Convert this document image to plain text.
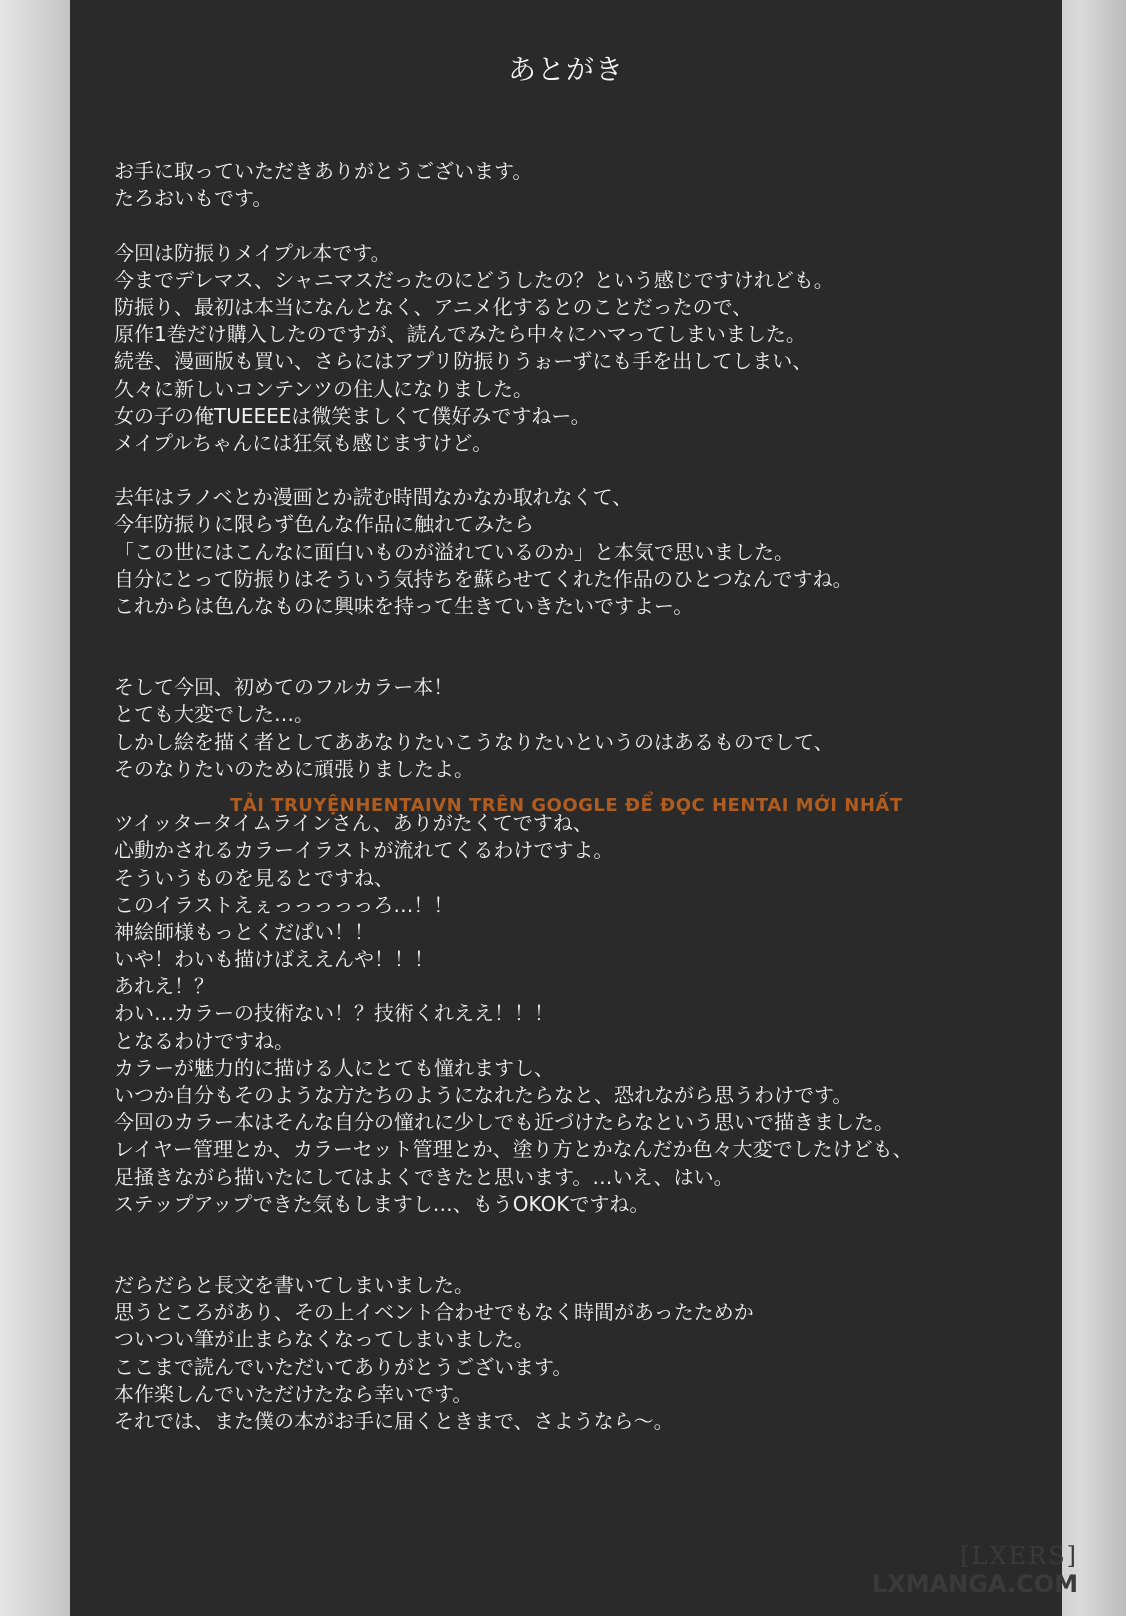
あとがき
お手に取っていただきありがとうございます。
たろおいもです。
今回は防振りメイプル本です。
今までデレマス、シャニマスだったのにどうしたの？という感じですけれども。
防振り、最初は本当になんとなく、アニメ化するとのことだったので、
原作1巻だけ購入したのですが、読んでみたら中々にハマってしまいました。
続巻、漫画版も買い、さらにはアプリ防振りうぉーずにも手を出してしまい、
久々に新しいコンテンツの住人になりました。
女の子の俺TUEEEEは微笑ましくて僕好みですねー。
メイプルちゃんには狂気も感じますけど。
去年はラノベとか漫画とか読む時間なかなか取れなくて、
今年防振りに限らず色んな作品に触れてみたら
「この世にはこんなに面白いものが溢れているのか」と本気で思いました。
自分にとって防振りはそういう気持ちを蘇らせてくれた作品のひとつなんですね。
これからは色んなものに興味を持って生きていきたいですよー。
そして今回、初めてのフルカラー本！
とても大変でした…。
しかし絵を描く者としてああなりたいこうなりたいというのはあるものでして、
そのなりたいのために頑張りましたよ。
ツイッタータイムラインさん、ありがたくてですね、
心動かされるカラーイラストが流れてくるわけですよ。
そういうものを見るとですね、
このイラストえぇっっっっっろ…！！
神絵師様もっとくだぱい！！
いや！わいも描けばええんや！！！
あれえ！？
わい…カラーの技術ない！？技術くれええ！！！
となるわけですね。
カラーが魅力的に描ける人にとても憧れますし、
いつか自分もそのような方たちのようになれたらなと、恐れながら思うわけです。
今回のカラー本はそんな自分の憧れに少しでも近づけたらなという思いで描きました。
レイヤー管理とか、カラーセット管理とか、塗り方とかなんだか色々大変でしたけども、
足掻きながら描いたにしてはよくできたと思います。…いえ、はい。
ステップアップできた気もしますし…、もうOKOKですね。
だらだらと長文を書いてしまいました。
思うところがあり、その上イベント合わせでもなく時間があったためか
ついつい筆が止まらなくなってしまいました。
ここまで読んでいただいてありがとうございます。
本作楽しんでいただけたなら幸いです。
それでは、また僕の本がお手に届くときまで、さようなら～。
TẢI TRUYỆNHENTAIVN TRÊN GOOGLE ĐỂ ĐỌC HENTAI MỚI NHẤT
[LXERS]
LXMANGA.COM
